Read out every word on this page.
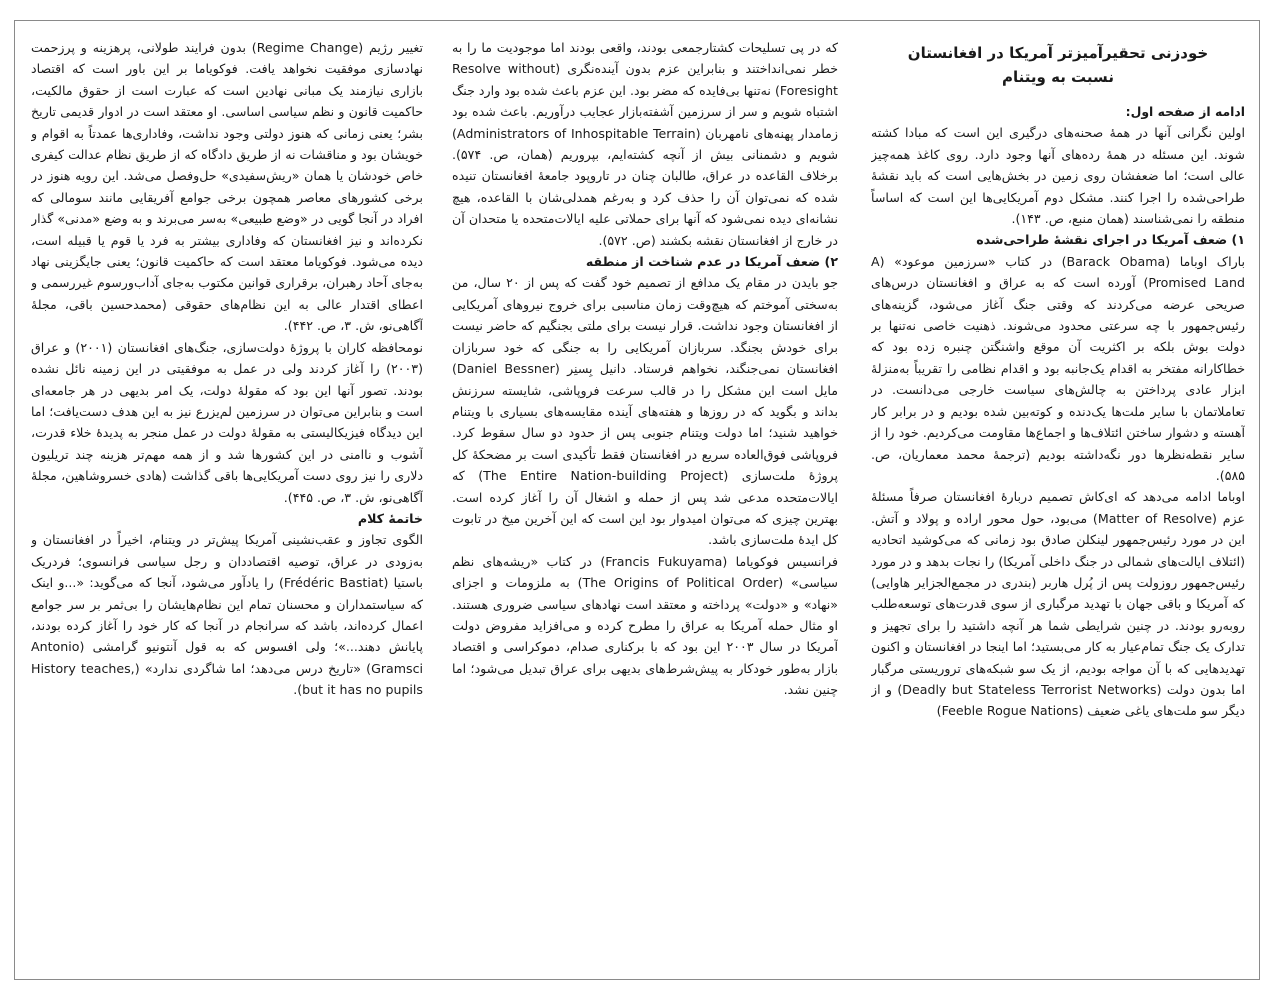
خودزنی تحقیرآمیزتر آمریکا در افغانستان
نسبت به ویتنام

ادامه از صفحه اول:

اولین نگرانی آنها در همهٔ صحنه‌های درگیری این است که مبادا کشته شوند. این مسئله در همهٔ رده‌های آنها وجود دارد. روی کاغذ همه‌چیز عالی است؛ اما ضعفشان روی زمین در بخش‌هایی است که باید نقشهٔ طراحی‌شده را اجرا کنند. مشکل دوم آمریکایی‌ها این است که اساساً منطقه را نمی‌شناسند (همان منبع، ص. ۱۴۳).

۱) ضعف آمریکا در اجرای نقشهٔ طراحی‌شده

باراک اوباما (Barack Obama) در کتاب «سرزمین موعود» (A Promised Land) آورده است که به عراق و افغانستان درس‌های صریحی عرضه می‌کردند که وقتی جنگ آغاز می‌شود، گزینه‌های رئیس‌جمهور با چه سرعتی محدود می‌شوند. ذهنیت خاصی نه‌تنها بر دولت بوش بلکه بر اکثریت آن موقع واشنگتن چنبره زده بود که خطاکارانه مفتخر به اقدام یک‌جانبه بود و اقدام نظامی را تقریباً به‌منزلهٔ ابزار عادی پرداختن به چالش‌های سیاست خارجی می‌دانست. در تعاملاتمان با سایر ملت‌ها یک‌دنده و کوته‌بین شده بودیم و در برابر کار آهسته و دشوار ساختن ائتلاف‌ها و اجماع‌ها مقاومت می‌کردیم. خود را از سایر نقطه‌نظرها دور نگه‌داشته بودیم (ترجمهٔ محمد معماریان، ص. ۵۸۵).

اوباما ادامه می‌دهد که ای‌کاش تصمیم دربارهٔ افغانستان صرفاً مسئلهٔ عزم (Matter of Resolve) می‌بود، حول محور اراده و پولاد و آتش. این در مورد رئیس‌جمهور لینکلن صادق بود زمانی که می‌کوشید اتحادیه (ائتلاف ایالت‌های شمالی در جنگ داخلی آمریکا) را نجات بدهد و در مورد رئیس‌جمهور روزولت پس از پُرل هاربر (بندری در مجمع‌الجزایر هاوایی) که آمریکا و باقی جهان با تهدید مرگباری از سوی قدرت‌های توسعه‌طلب روبه‌رو بودند. در چنین شرایطی شما هر آنچه داشتید را برای تجهیز و تدارک یک جنگ تمام‌عیار به کار می‌بستید؛ اما اینجا در افغانستان و اکنون تهدیدهایی که با آن مواجه بودیم، از یک سو شبکه‌های تروریستی مرگبار اما بدون دولت (Deadly but Stateless Terrorist Networks) و از دیگر سو ملت‌های یاغی ضعیف (Feeble Rogue Nations)

که در پی تسلیحات کشتارجمعی بودند، واقعی بودند اما موجودیت ما را به خطر نمی‌انداختند و بنابراین عزم بدون آینده‌نگری (Resolve without Foresight) نه‌تنها بی‌فایده که مضر بود. این عزم باعث شده بود وارد جنگ اشتباه شویم و سر از سرزمین آشفته‌بازار عجایب درآوریم. باعث شده بود زمامدار پهنه‌های نامهربان (Administrators of Inhospitable Terrain) شویم و دشمنانی بیش از آنچه کشته‌ایم، بپروریم (همان، ص. ۵۷۴). برخلاف القاعده در عراق، طالبان چنان در تاروپود جامعهٔ افغانستان تنیده شده که نمی‌توان آن را حذف کرد و به‌رغم همدلی‌شان با القاعده، هیچ نشانه‌ای دیده نمی‌شود که آنها برای حملاتی علیه ایالات‌متحده یا متحدان آن در خارج از افغانستان نقشه بکشند (ص. ۵۷۲).

۲) ضعف آمریکا در عدم شناخت از منطقه

جو بایدن در مقام یک مدافع از تصمیم خود گفت که پس از ۲۰ سال، من به‌سختی آموختم که هیچ‌وقت زمان مناسبی برای خروج نیروهای آمریکایی از افغانستان وجود نداشت. قرار نیست برای ملتی بجنگیم که حاضر نیست برای خودش بجنگد. سربازان آمریکایی را به جنگی که خود سربازان افغانستان نمی‌جنگند، نخواهم فرستاد. دانیل بِسنِر (Daniel Bessner) مایل است این مشکل را در قالب سرعت فروپاشی، شایسته سرزنش بداند و بگوید که در روزها و هفته‌های آینده مقایسه‌های بسیاری با ویتنام خواهید شنید؛ اما دولت ویتنام جنوبی پس از حدود دو سال سقوط کرد. فروپاشی فوق‌العاده سریع در افغانستان فقط تأکیدی است بر مضحکهٔ کل پروژهٔ ملت‌سازی (The Entire Nation-building Project) که ایالات‌متحده مدعی شد پس از حمله و اشغال آن را آغاز کرده است. بهترین چیزی که می‌توان امیدوار بود این است که این آخرین میخ در تابوت کل ایدهٔ ملت‌سازی باشد.

فرانسیس فوکویاما (Francis Fukuyama) در کتاب «ریشه‌های نظم سیاسی» (The Origins of Political Order) به ملزومات و اجزای «نهاد» و «دولت» پرداخته و معتقد است نهادهای سیاسی ضروری هستند. او مثال حمله آمریکا به عراق را مطرح کرده و می‌افزاید مفروض دولت آمریکا در سال ۲۰۰۳ این بود که با برکناری صدام، دموکراسی و اقتصاد بازار به‌طور خودکار به پیش‌شرط‌های بدیهی برای عراق تبدیل می‌شود؛ اما چنین نشد.

تغییر رژیم (Regime Change) بدون فرایند طولانی، پرهزینه و پرزحمت نهادسازی موفقیت نخواهد یافت. فوکویاما بر این باور است که اقتصاد بازاری نیازمند یک مبانی نهادین است که عبارت است از حقوق مالکیت، حاکمیت قانون و نظم سیاسی اساسی. او معتقد است در ادوار قدیمی تاریخ بشر؛ یعنی زمانی که هنوز دولتی وجود نداشت، وفاداری‌ها عمدتاً به اقوام و خویشان بود و مناقشات نه از طریق دادگاه که از طریق نظام عدالت کیفری خاص خودشان یا همان «ریش‌سفیدی» حل‌وفصل می‌شد. این رویه هنوز در برخی کشورهای معاصر همچون برخی جوامع آفریقایی مانند سومالی که افراد در آنجا گویی در «وضع طبیعی» به‌سر می‌برند و به وضع «مدنی» گذار نکرده‌اند و نیز افغانستان که وفاداری بیشتر به فرد یا قوم یا قبیله است، دیده می‌شود. فوکویاما معتقد است که حاکمیت قانون؛ یعنی جایگزینی نهاد به‌جای آحاد رهبران، برقراری قوانین مکتوب به‌جای آداب‌ورسوم غیررسمی و اعطای اقتدار عالی به این نظام‌های حقوقی (محمدحسین باقی، مجلهٔ آگاهی‌نو، ش. ۳، ص. ۴۴۲).

نومحافظه کاران با پروژهٔ دولت‌سازی، جنگ‌های افغانستان (۲۰۰۱) و عراق (۲۰۰۳) را آغاز کردند ولی در عمل به موفقیتی در این زمینه نائل نشده بودند. تصور آنها این بود که مقولهٔ دولت، یک امر بدیهی در هر جامعه‌ای است و بنابراین می‌توان در سرزمین لم‌یزرع نیز به این هدف دست‌یافت؛ اما این دیدگاه فیزیکالیستی به مقولهٔ دولت در عمل منجر به پدیدهٔ خلاء قدرت، آشوب و ناامنی در این کشورها شد و از همه مهم‌تر هزینه چند تریلیون دلاری را نیز روی دست آمریکایی‌ها باقی گذاشت (هادی خسروشاهین، مجلهٔ آگاهی‌نو، ش. ۳، ص. ۴۴۵).

خاتمهٔ کلام

الگوی تجاوز و عقب‌نشینی آمریکا پیش‌تر در ویتنام، اخیراً در افغانستان و به‌زودی در عراق، توصیه اقتصاددان و رجل سیاسی فرانسوی؛ فردریک باستیا (Frédéric Bastiat) را یادآور می‌شود، آنجا که می‌گوید: «...و اینک که سیاستمداران و محسنان تمام این نظام‌هایشان را بی‌ثمر بر سر جوامع اعمال کرده‌اند، باشد که سرانجام در آنجا که کار خود را آغاز کرده بودند، پایانش دهند...»؛ ولی افسوس که به قول آنتونیو گرامشی (Antonio Gramsci) «تاریخ درس می‌دهد؛ اما شاگردی ندارد» (History teaches, but it has no pupils).
